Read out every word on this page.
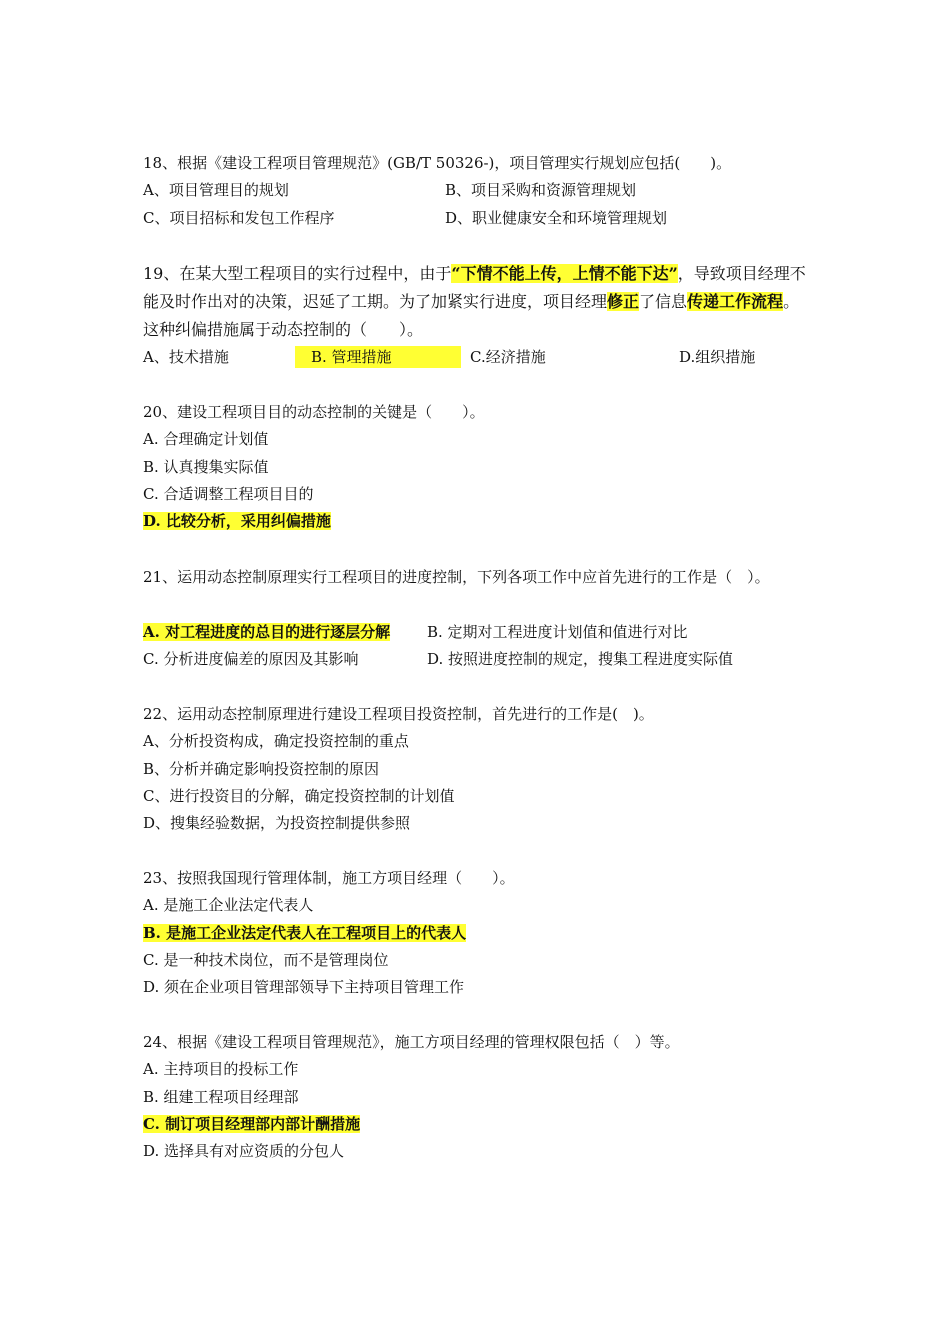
18、根据《建设工程项目管理规范》(GB/T 50326-)，项目管理实行规划应包括(　　)。
A、项目管理目的规划	B、项目采购和资源管理规划
C、项目招标和发包工作程序	D、职业健康安全和环境管理规划
19、在某大型工程项目的实行过程中，由于“下情不能上传，上情不能下达”，导致项目经理不能及时作出对的决策，迟延了工期。为了加紧实行进度，项目经理修正了信息传递工作流程。这种纠偏措施属于动态控制的（　　）。
A、技术措施	B. 管理措施	C.经济措施	D.组织措施
20、建设工程项目目的动态控制的关键是（　　）。
A. 合理确定计划值
B. 认真搜集实际值
C. 合适调整工程项目目的
D. 比较分析，采用纠偏措施
21、运用动态控制原理实行工程项目的进度控制，下列各项工作中应首先进行的工作是（　）。
A. 对工程进度的总目的进行逐层分解 B. 定期对工程进度计划值和值进行对比
C. 分析进度偏差的原因及其影响	D. 按照进度控制的规定，搜集工程进度实际值
22、运用动态控制原理进行建设工程项目投资控制，首先进行的工作是(　)。
A、分析投资构成，确定投资控制的重点
B、分析并确定影响投资控制的原因
C、进行投资目的分解，确定投资控制的计划值
D、搜集经验数据，为投资控制提供参照
23、按照我国现行管理体制，施工方项目经理（　　）。
A. 是施工企业法定代表人
B. 是施工企业法定代表人在工程项目上的代表人
C. 是一种技术岗位，而不是管理岗位
D. 须在企业项目管理部领导下主持项目管理工作
24、根据《建设工程项目管理规范》，施工方项目经理的管理权限包括（　）等。
A. 主持项目的投标工作
B. 组建工程项目经理部
C. 制订项目经理部内部计酬措施
D. 选择具有对应资质的分包人
